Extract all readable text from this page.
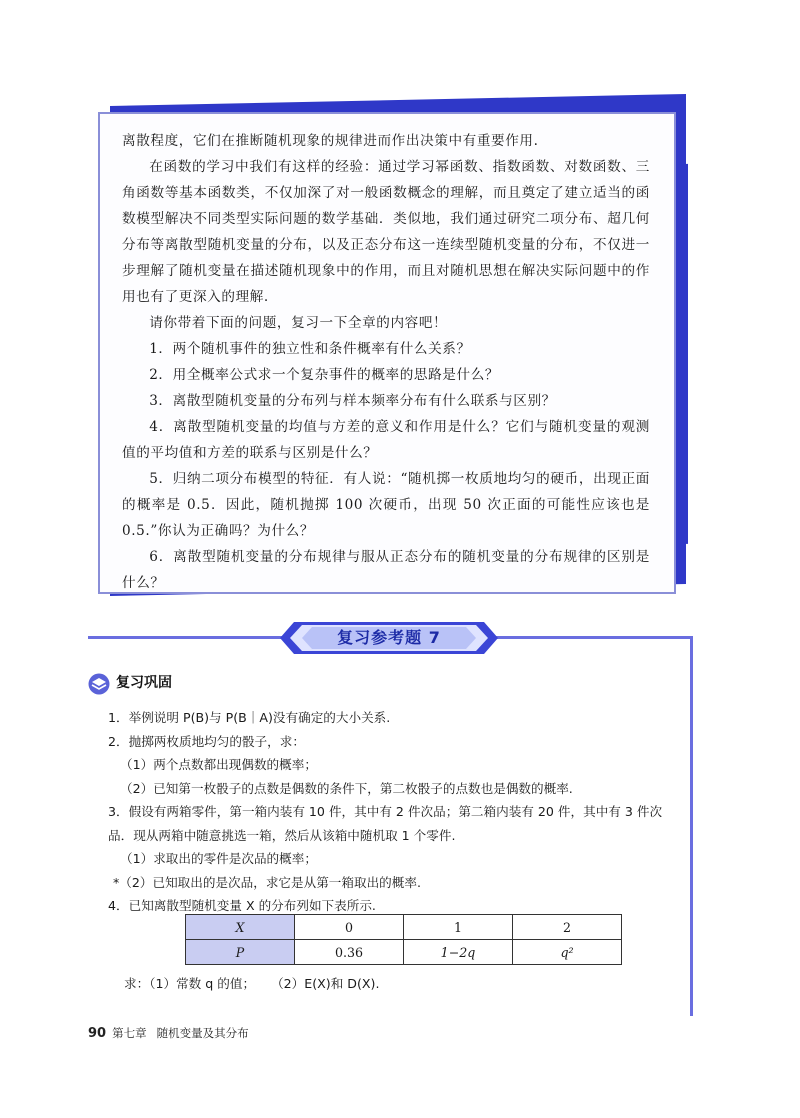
离散程度，它们在推断随机现象的规律进而作出决策中有重要作用.

在函数的学习中我们有这样的经验：通过学习幂函数、指数函数、对数函数、三角函数等基本函数类，不仅加深了对一般函数概念的理解，而且奠定了建立适当的函数模型解决不同类型实际问题的数学基础．类似地，我们通过研究二项分布、超几何分布等离散型随机变量的分布，以及正态分布这一连续型随机变量的分布，不仅进一步理解了随机变量在描述随机现象中的作用，而且对随机思想在解决实际问题中的作用也有了更深入的理解.

请你带着下面的问题，复习一下全章的内容吧！

1．两个随机事件的独立性和条件概率有什么关系？

2．用全概率公式求一个复杂事件的概率的思路是什么？

3．离散型随机变量的分布列与样本频率分布有什么联系与区别？

4．离散型随机变量的均值与方差的意义和作用是什么？它们与随机变量的观测值的平均值和方差的联系与区别是什么？

5．归纳二项分布模型的特征．有人说：“随机掷一枚质地均匀的硬币，出现正面的概率是 0.5．因此，随机抛掷 100 次硬币，出现 50 次正面的可能性应该也是 0.5.”你认为正确吗？为什么？

6．离散型随机变量的分布规律与服从正态分布的随机变量的分布规律的区别是什么？

复习参考题 7
复习巩固

1．举例说明 P(B)与 P(B｜A)没有确定的大小关系.

2．抛掷两枚质地均匀的骰子，求：

（1）两个点数都出现偶数的概率；

（2）已知第一枚骰子的点数是偶数的条件下，第二枚骰子的点数也是偶数的概率.

3．假设有两箱零件，第一箱内装有 10 件，其中有 2 件次品；第二箱内装有 20 件，其中有 3 件次品．现从两箱中随意挑选一箱，然后从该箱中随机取 1 个零件.

（1）求取出的零件是次品的概率；

*（2）已知取出的是次品，求它是从第一箱取出的概率.

4．已知离散型随机变量 X 的分布列如下表所示.

X	0	1	2
P	0.36	1−2q	q²
求：（1）常数 q 的值； （2）E(X)和 D(X).
90 第七章 随机变量及其分布
